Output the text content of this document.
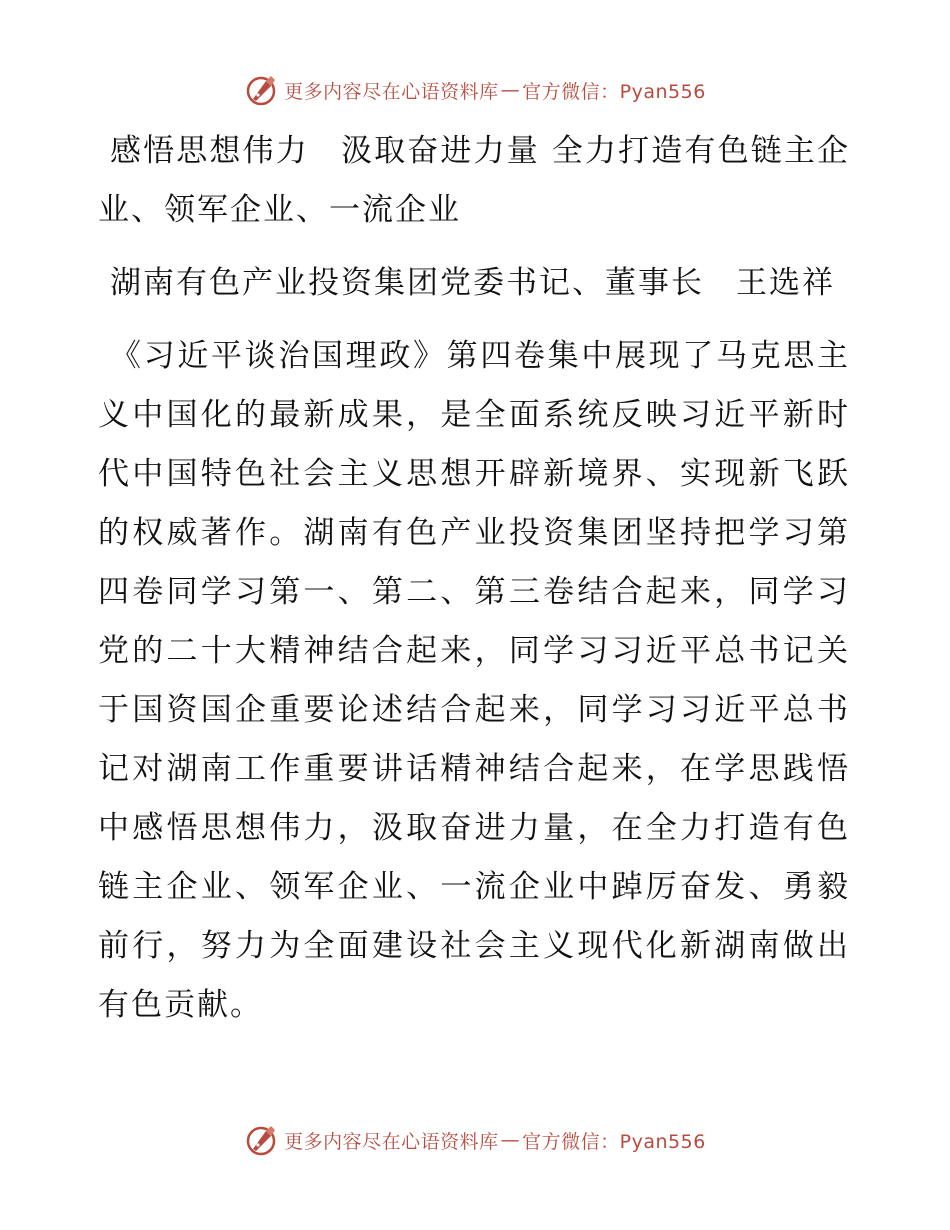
更多内容尽在心语资料库 — 官方微信：Pyan556

感悟思想伟力 汲取奋进力量 全力打造有色链主企业、领军企业、一流企业

湖南有色产业投资集团党委书记、董事长 王选祥

《习近平谈治国理政》第四卷集中展现了马克思主义中国化的最新成果，是全面系统反映习近平新时代中国特色社会主义思想开辟新境界、实现新飞跃的权威著作。湖南有色产业投资集团坚持把学习第四卷同学习第一、第二、第三卷结合起来，同学习党的二十大精神结合起来，同学习习近平总书记关于国资国企重要论述结合起来，同学习习近平总书记对湖南工作重要讲话精神结合起来，在学思践悟中感悟思想伟力，汲取奋进力量，在全力打造有色链主企业、领军企业、一流企业中踔厉奋发、勇毅前行，努力为全面建设社会主义现代化新湖南做出有色贡献。

更多内容尽在心语资料库 — 官方微信：Pyan556
